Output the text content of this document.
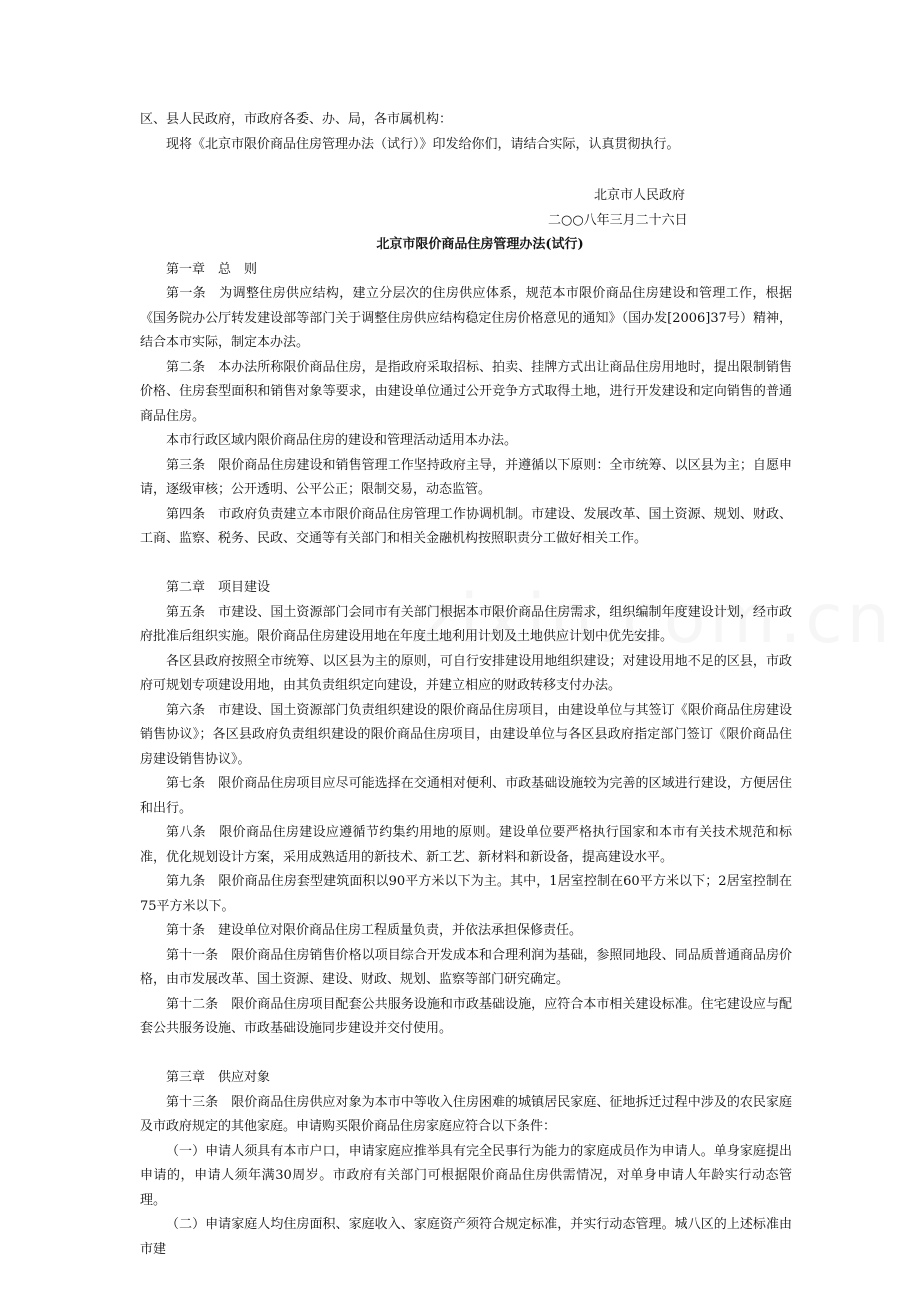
区、县人民政府，市政府各委、办、局，各市属机构：
现将《北京市限价商品住房管理办法（试行）》印发给你们，请结合实际，认真贯彻执行。
北京市人民政府
二○○八年三月二十六日
北京市限价商品住房管理办法(试行)
第一章　总　则

第一条　为调整住房供应结构，建立分层次的住房供应体系，规范本市限价商品住房建设和管理工作，根据《国务院办公厅转发建设部等部门关于调整住房供应结构稳定住房价格意见的通知》（国办发[2006]37号）精神，结合本市实际，制定本办法。

第二条　本办法所称限价商品住房，是指政府采取招标、拍卖、挂牌方式出让商品住房用地时，提出限制销售价格、住房套型面积和销售对象等要求，由建设单位通过公开竞争方式取得土地，进行开发建设和定向销售的普通商品住房。

本市行政区域内限价商品住房的建设和管理活动适用本办法。

第三条　限价商品住房建设和销售管理工作坚持政府主导，并遵循以下原则：全市统筹、以区县为主；自愿申请，逐级审核；公开透明、公平公正；限制交易，动态监管。

第四条　市政府负责建立本市限价商品住房管理工作协调机制。市建设、发展改革、国土资源、规划、财政、工商、监察、税务、民政、交通等有关部门和相关金融机构按照职责分工做好相关工作。

第二章　项目建设

第五条　市建设、国土资源部门会同市有关部门根据本市限价商品住房需求，组织编制年度建设计划，经市政府批准后组织实施。限价商品住房建设用地在年度土地利用计划及土地供应计划中优先安排。

各区县政府按照全市统筹、以区县为主的原则，可自行安排建设用地组织建设；对建设用地不足的区县，市政府可规划专项建设用地，由其负责组织定向建设，并建立相应的财政转移支付办法。

第六条　市建设、国土资源部门负责组织建设的限价商品住房项目，由建设单位与其签订《限价商品住房建设销售协议》；各区县政府负责组织建设的限价商品住房项目，由建设单位与各区县政府指定部门签订《限价商品住房建设销售协议》。

第七条　限价商品住房项目应尽可能选择在交通相对便利、市政基础设施较为完善的区域进行建设，方便居住和出行。

第八条　限价商品住房建设应遵循节约集约用地的原则。建设单位要严格执行国家和本市有关技术规范和标准，优化规划设计方案，采用成熟适用的新技术、新工艺、新材料和新设备，提高建设水平。

第九条　限价商品住房套型建筑面积以90平方米以下为主。其中，1居室控制在60平方米以下；2居室控制在75平方米以下。

第十条　建设单位对限价商品住房工程质量负责，并依法承担保修责任。

第十一条　限价商品住房销售价格以项目综合开发成本和合理利润为基础，参照同地段、同品质普通商品房价格，由市发展改革、国土资源、建设、财政、规划、监察等部门研究确定。

第十二条　限价商品住房项目配套公共服务设施和市政基础设施，应符合本市相关建设标准。住宅建设应与配套公共服务设施、市政基础设施同步建设并交付使用。

第三章　供应对象

第十三条　限价商品住房供应对象为本市中等收入住房困难的城镇居民家庭、征地拆迁过程中涉及的农民家庭及市政府规定的其他家庭。申请购买限价商品住房家庭应符合以下条件：

（一）申请人须具有本市户口，申请家庭应推举具有完全民事行为能力的家庭成员作为申请人。单身家庭提出申请的，申请人须年满30周岁。市政府有关部门可根据限价商品住房供需情况，对单身申请人年龄实行动态管理。

（二）申请家庭人均住房面积、家庭收入、家庭资产须符合规定标准，并实行动态管理。城八区的上述标准由市建
